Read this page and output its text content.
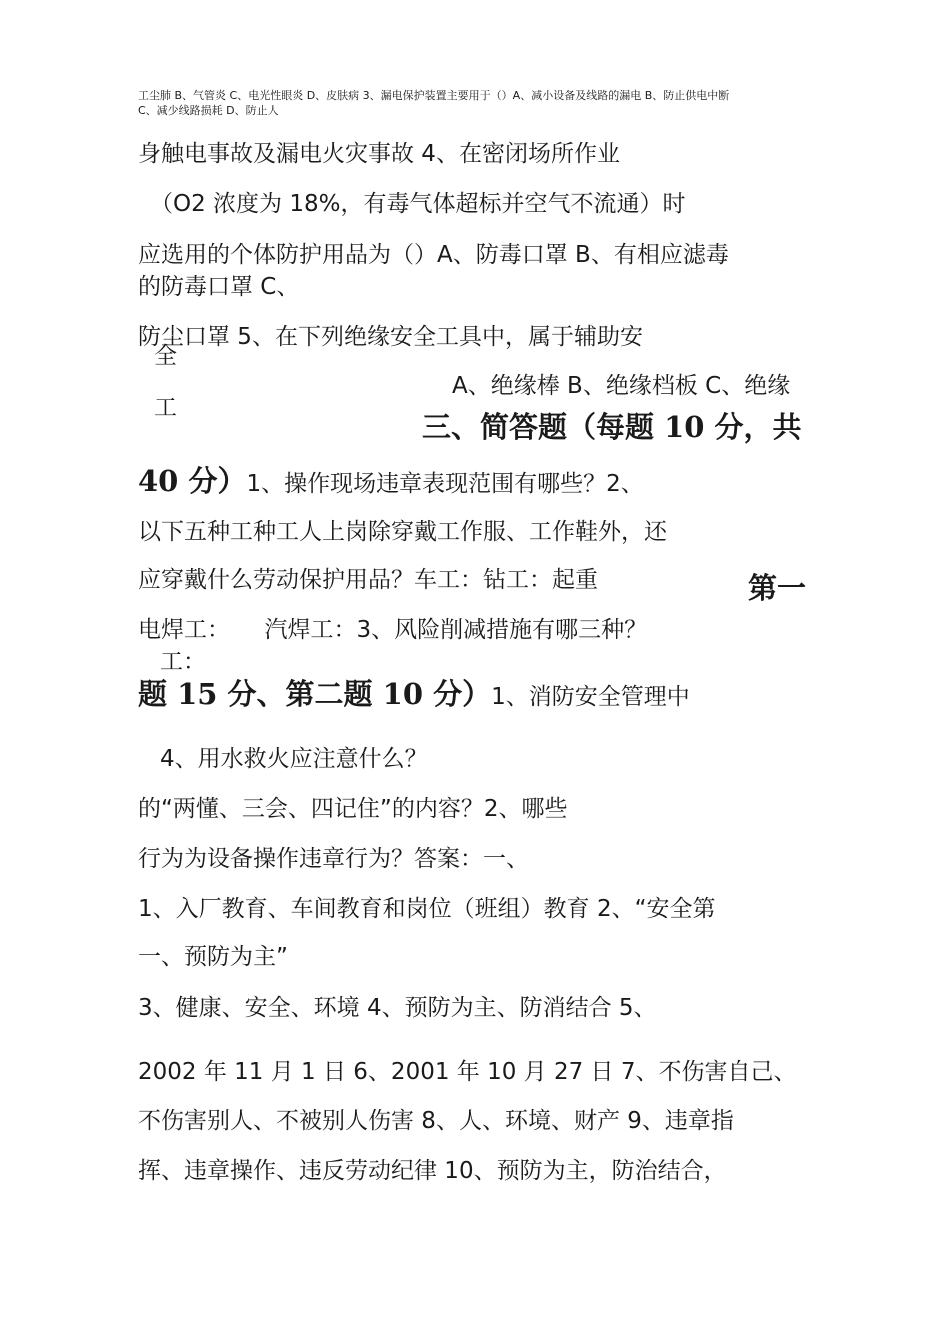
工尘肺 B、气管炎 C、电光性眼炎 D、皮肤病 3、漏电保护装置主要用于（）A、减小设备及线路的漏电 B、防止供电中断
C、减少线路损耗 D、防止人
身触电事故及漏电火灾事故 4、在密闭场所作业
（O2 浓度为 18%，有毒气体超标并空气不流通）时
应选用的个体防护用品为（）A、防毒口罩 B、有相应滤毒
的防毒口罩 C、
防尘口罩 5、在下列绝缘安全工具中，属于辅助安
全
工
A、绝缘棒 B、绝缘档板 C、绝缘
三、简答题（每题 10 分，共
40 分）1、操作现场违章表现范围有哪些？2、
以下五种工种工人上岗除穿戴工作服、工作鞋外，还
应穿戴什么劳动保护用品？车工：钻工：起重	第一
电焊工：　　汽焊工：3、风险削减措施有哪三种？
工：
题 15 分、第二题 10 分）1、消防安全管理中
4、用水救火应注意什么？
的“两懂、三会、四记住”的内容？2、哪些
行为为设备操作违章行为？答案：一、
1、入厂教育、车间教育和岗位（班组）教育 2、“安全第
一、预防为主”
3、健康、安全、环境 4、预防为主、防消结合 5、
2002 年 11 月 1 日 6、2001 年 10 月 27 日 7、不伤害自己、
不伤害别人、不被别人伤害 8、人、环境、财产 9、违章指
挥、违章操作、违反劳动纪律 10、预防为主，防治结合，
